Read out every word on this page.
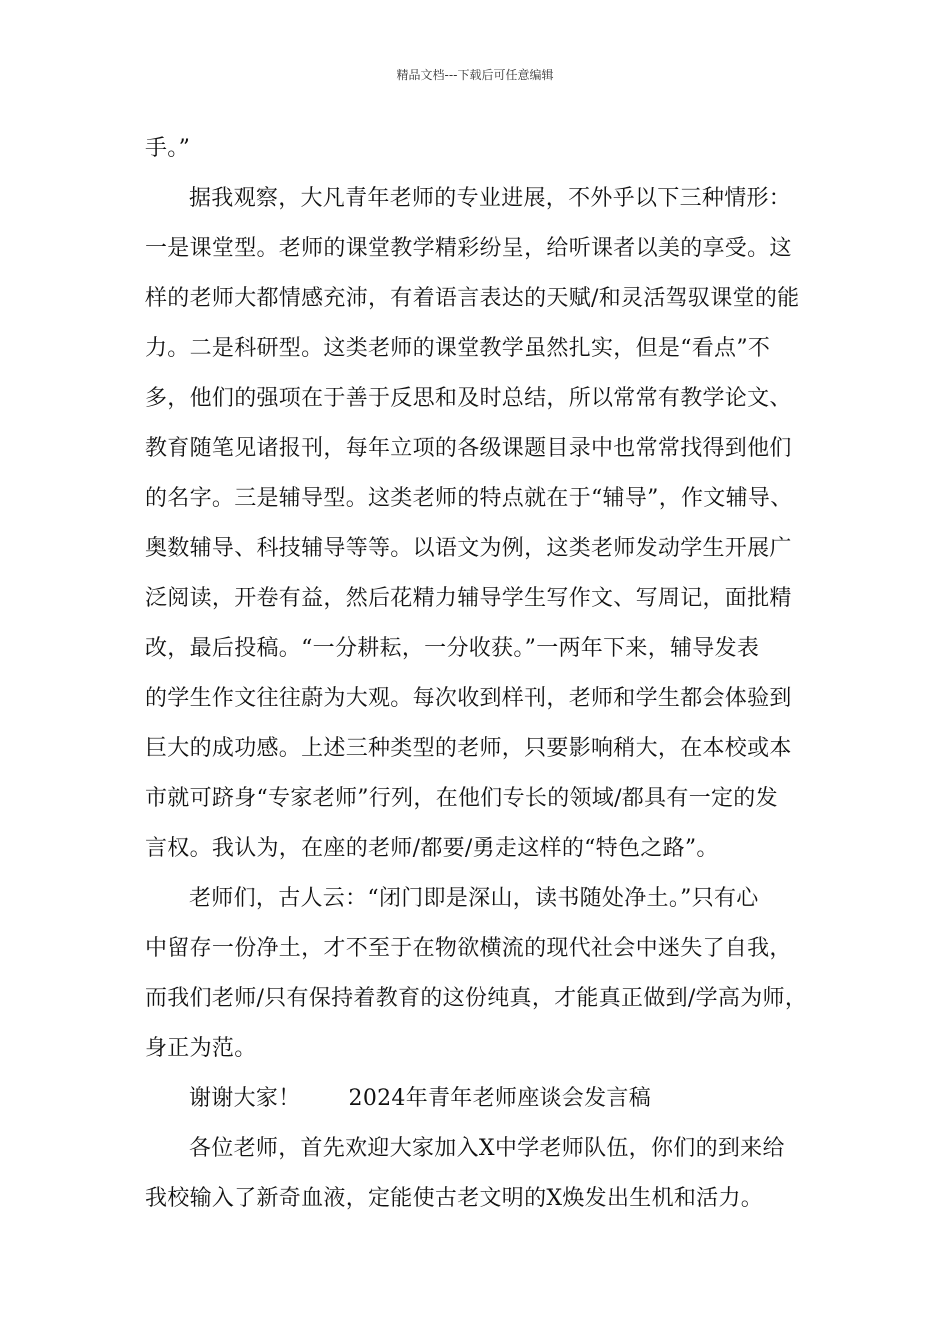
精品文档---下载后可任意编辑
手。”
据我观察，大凡青年老师的专业进展，不外乎以下三种情形：
一是课堂型。老师的课堂教学精彩纷呈，给听课者以美的享受。这
样的老师大都情感充沛，有着语言表达的天赋/和灵活驾驭课堂的能
力。二是科研型。这类老师的课堂教学虽然扎实，但是“看点”不
多，他们的强项在于善于反思和及时总结，所以常常有教学论文、
教育随笔见诸报刊，每年立项的各级课题目录中也常常找得到他们
的名字。三是辅导型。这类老师的特点就在于“辅导”，作文辅导、
奥数辅导、科技辅导等等。以语文为例，这类老师发动学生开展广
泛阅读，开卷有益，然后花精力辅导学生写作文、写周记，面批精
改，最后投稿。“一分耕耘，一分收获。”一两年下来，辅导发表
的学生作文往往蔚为大观。每次收到样刊，老师和学生都会体验到
巨大的成功感。上述三种类型的老师，只要影响稍大，在本校或本
市就可跻身“专家老师”行列，在他们专长的领域/都具有一定的发
言权。我认为，在座的老师/都要/勇走这样的“特色之路”。
老师们，古人云：“闭门即是深山，读书随处净土。”只有心
中留存一份净土，才不至于在物欲横流的现代社会中迷失了自我，
而我们老师/只有保持着教育的这份纯真，才能真正做到/学高为师，
身正为范。
谢谢大家！ 2024年青年老师座谈会发言稿
各位老师，首先欢迎大家加入X中学老师队伍，你们的到来给
我校输入了新奇血液，定能使古老文明的X焕发出生机和活力。
